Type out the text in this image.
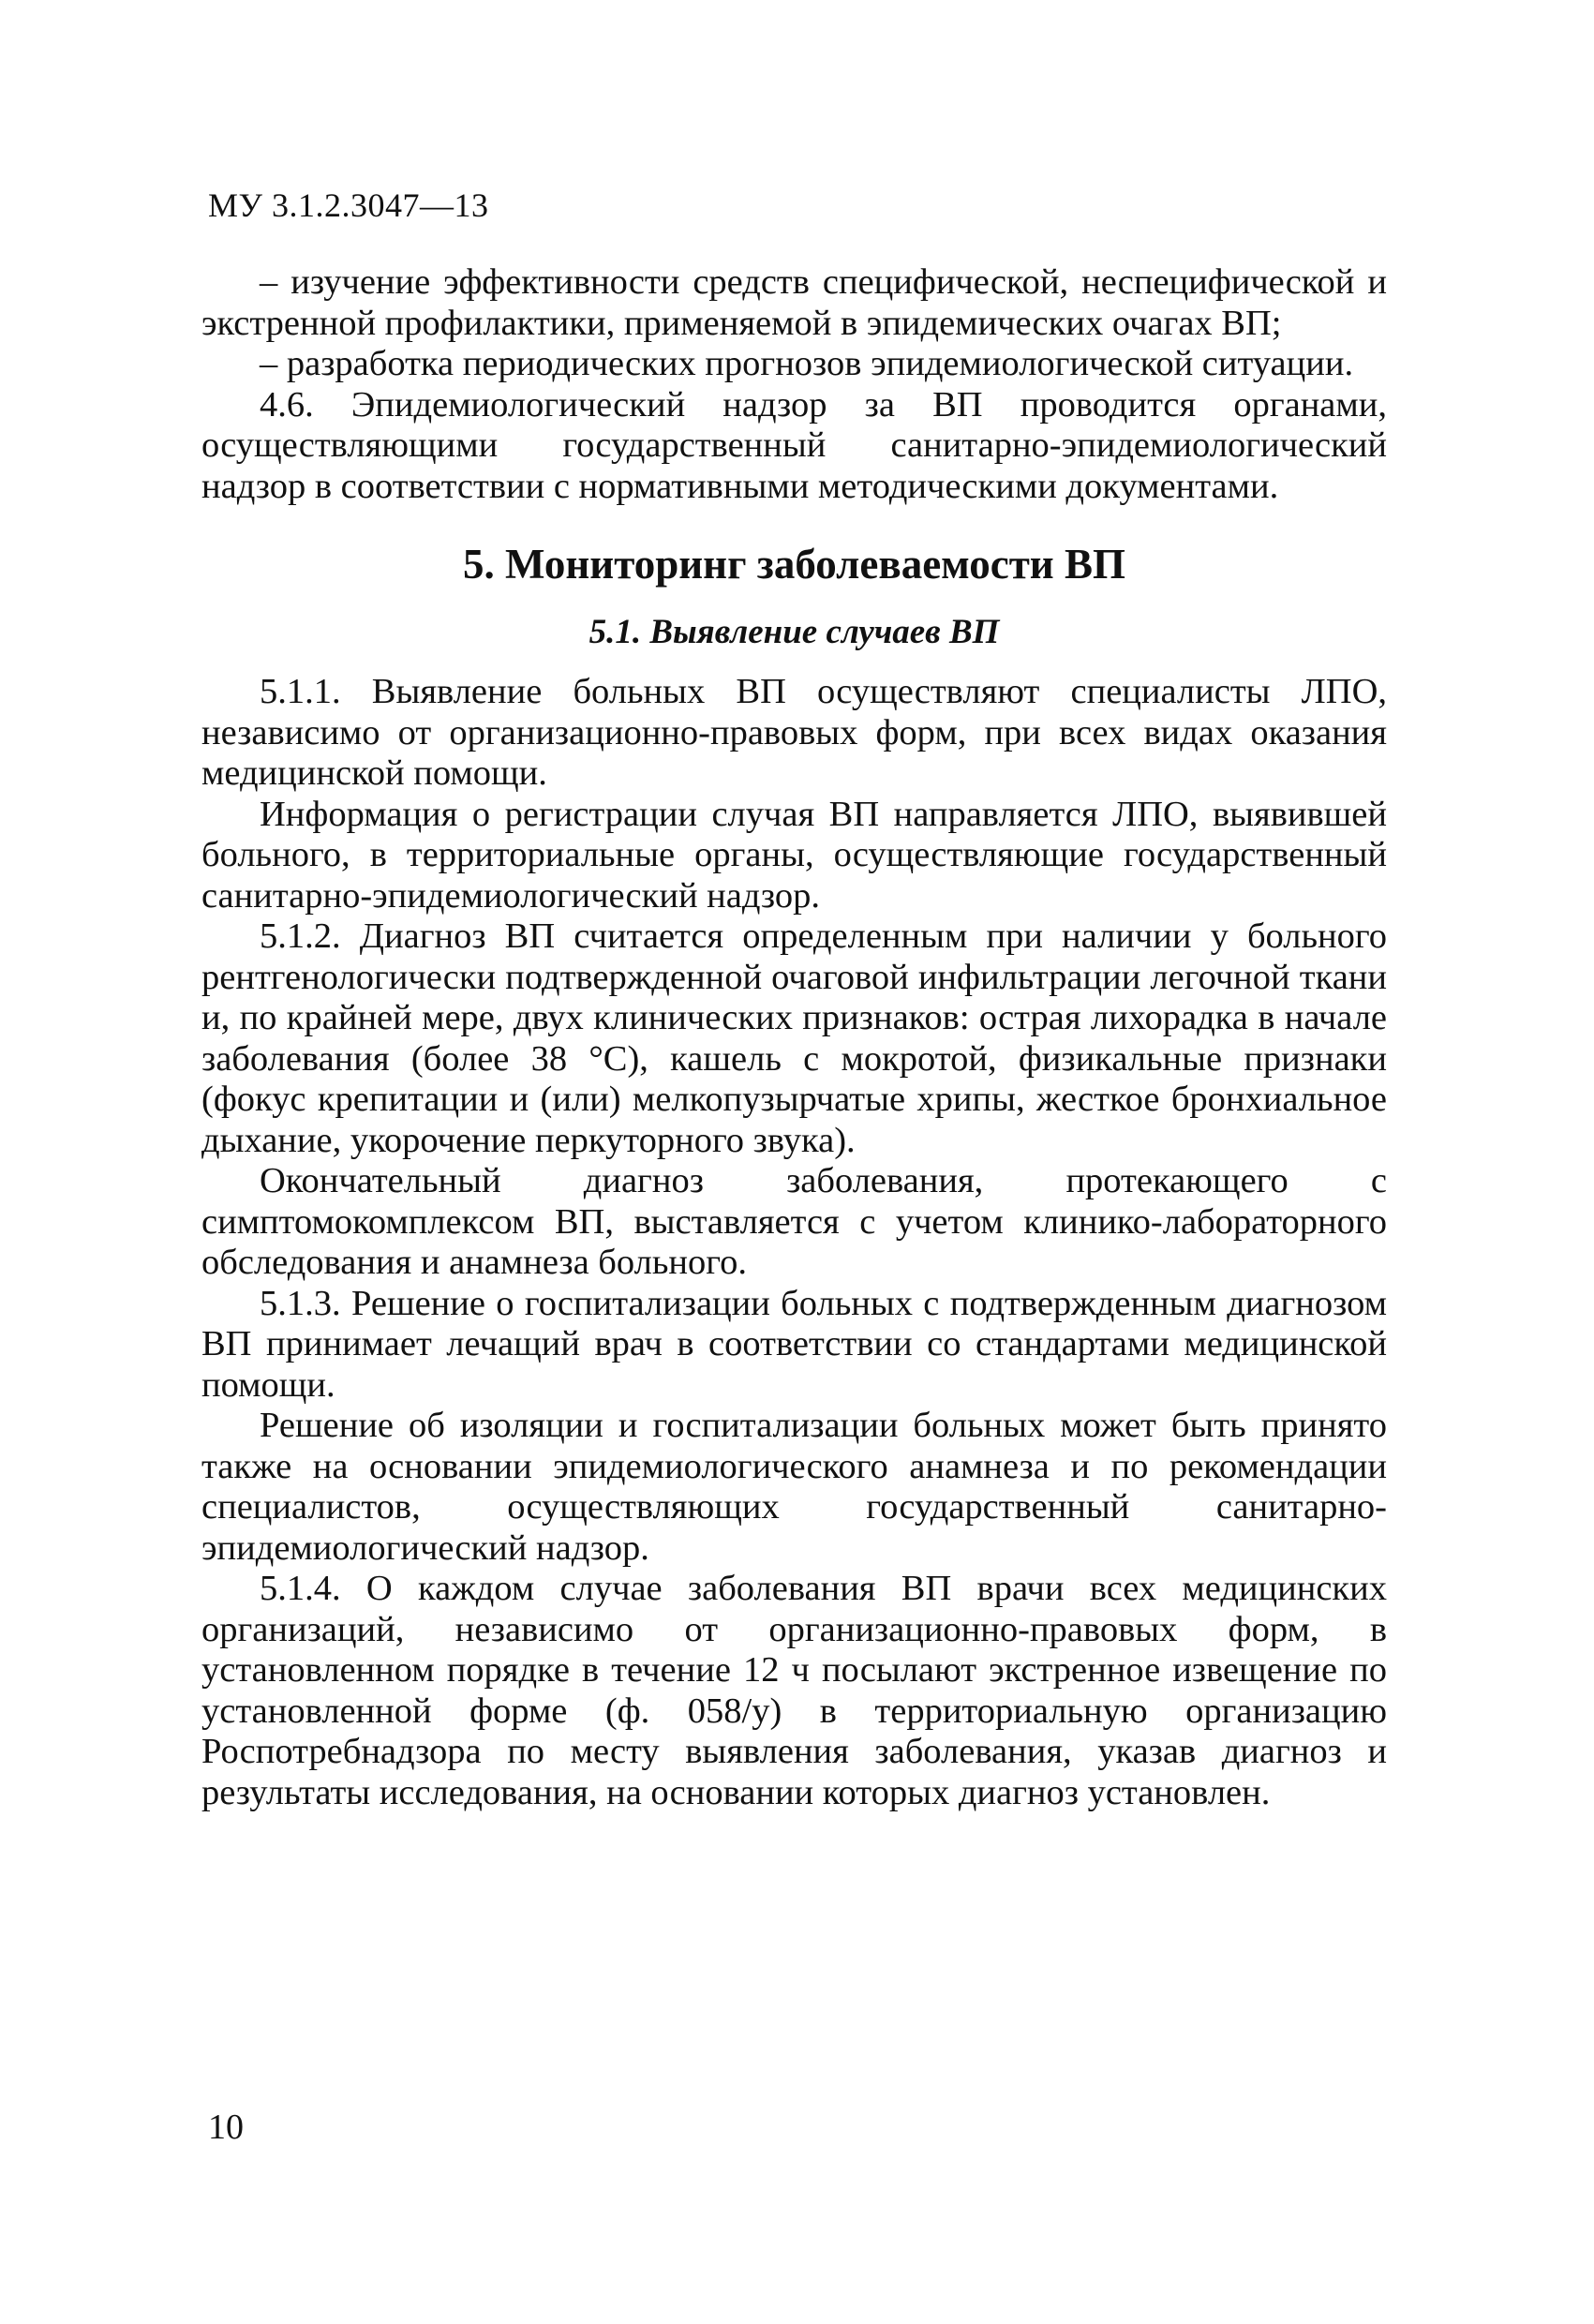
МУ 3.1.2.3047—13

– изучение эффективности средств специфической, неспецифической и экстренной профилактики, применяемой в эпидемических очагах ВП;

– разработка периодических прогнозов эпидемиологической ситуации.

4.6. Эпидемиологический надзор за ВП проводится органами, осуществляющими государственный санитарно-эпидемиологический надзор в соответствии с нормативными методическими документами.

5. Мониторинг заболеваемости ВП
5.1. Выявление случаев ВП

5.1.1. Выявление больных ВП осуществляют специалисты ЛПО, независимо от организационно-правовых форм, при всех видах оказания медицинской помощи.

Информация о регистрации случая ВП направляется ЛПО, выявившей больного, в территориальные органы, осуществляющие государственный санитарно-эпидемиологический надзор.

5.1.2. Диагноз ВП считается определенным при наличии у больного рентгенологически подтвержденной очаговой инфильтрации легочной ткани и, по крайней мере, двух клинических признаков: острая лихорадка в начале заболевания (более 38 °С), кашель с мокротой, физикальные признаки (фокус крепитации и (или) мелкопузырчатые хрипы, жесткое бронхиальное дыхание, укорочение перкуторного звука).

Окончательный диагноз заболевания, протекающего с симптомокомплексом ВП, выставляется с учетом клинико-лабораторного обследования и анамнеза больного.

5.1.3. Решение о госпитализации больных с подтвержденным диагнозом ВП принимает лечащий врач в соответствии со стандартами медицинской помощи.

Решение об изоляции и госпитализации больных может быть принято также на основании эпидемиологического анамнеза и по рекомендации специалистов, осуществляющих государственный санитарно-эпидемиологический надзор.

5.1.4. О каждом случае заболевания ВП врачи всех медицинских организаций, независимо от организационно-правовых форм, в установленном порядке в течение 12 ч посылают экстренное извещение по установленной форме (ф. 058/у) в территориальную организацию Роспотребнадзора по месту выявления заболевания, указав диагноз и результаты исследования, на основании которых диагноз установлен.

10
